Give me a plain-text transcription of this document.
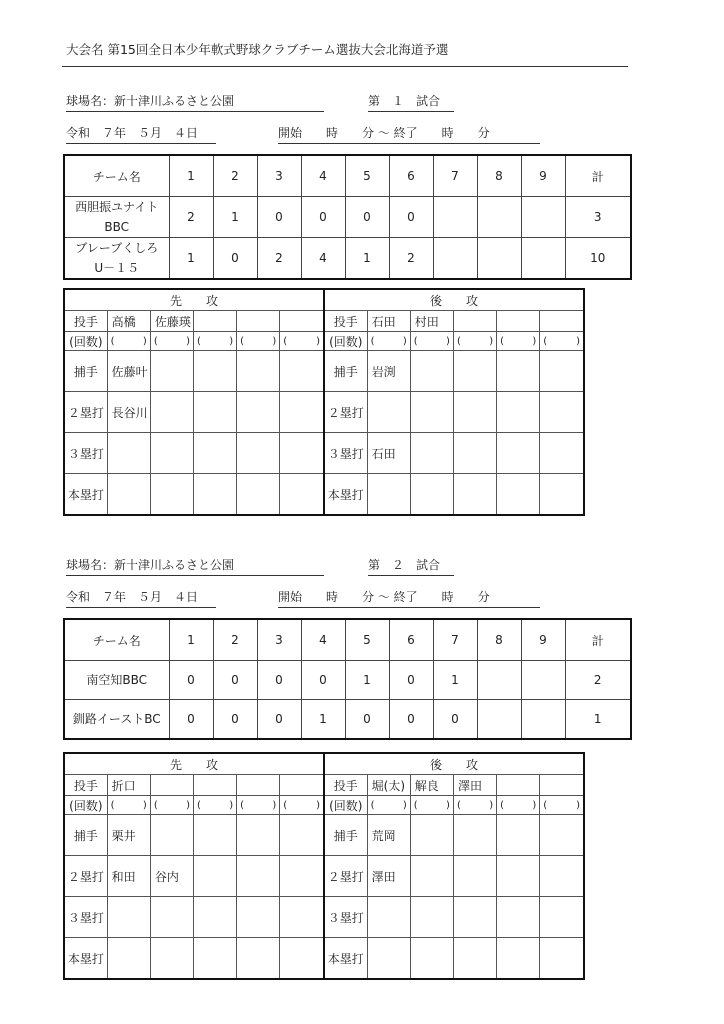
大会名 第15回全日本少年軟式野球クラブチーム選抜大会北海道予選
球場名：新十津川ふるさと公園	第　１　試合
令和　７年　５月　４日	開始　　時　　分 〜 終了　　時　　分
チーム名	1	2	3	4	5	6	7	8	9	計

西胆振ユナイト
BBC	2	1	0	0	0	0				3

ブレーブくしろ
U－１５	1	0	2	4	1	2				10
先　　攻						後　　攻					
投手	高橋	佐藤瑛				投手	石田	村田			
(回数)	( )	( )	( )	( )	( )	(回数)	( )	( )	( )	( )	( )

捕手	佐藤叶					捕手	岩渕				
２塁打	長谷川					２塁打					
３塁打						３塁打	石田				
本塁打						本塁打					
球場名：新十津川ふるさと公園	第　２　試合
令和　７年　５月　４日	開始　　時　　分 〜 終了　　時　　分
チーム名	1	2	3	4	5	6	7	8	9	計

南空知BBC	0	0	0	0	1	0	1			2

釧路イーストBC	0	0	0	1	0	0	0			1
先　　攻						後　　攻					
投手	折口					投手	堀(太)	解良	澤田		
(回数)	( )	( )	( )	( )	( )	(回数)	( )	( )	( )	( )	( )

捕手	栗井					捕手	荒岡				
２塁打	和田	谷内				２塁打	澤田				
３塁打						３塁打					
本塁打						本塁打					
